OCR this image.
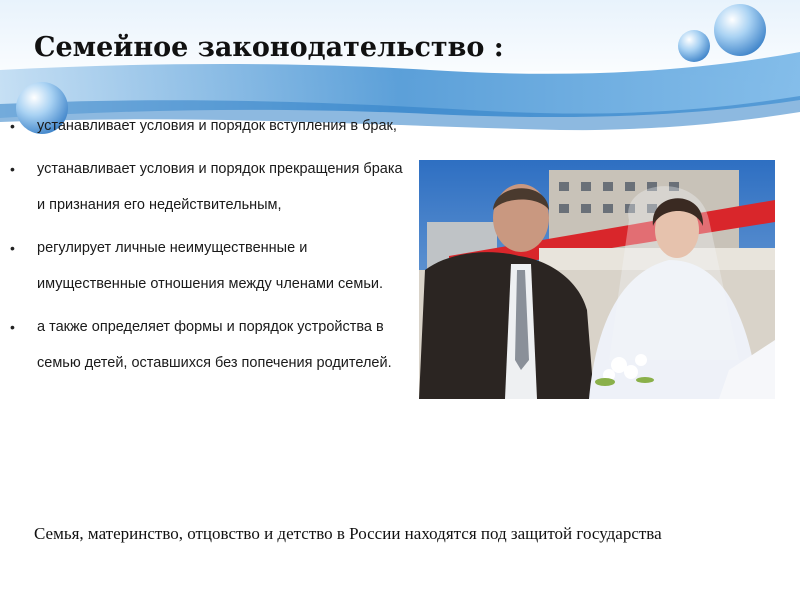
Семейное законодательство :
• устанавливает условия и порядок вступления в брак,
• устанавливает условия и порядок прекращения брака и признания его недействительным,
• регулирует личные неимущественные и имущественные отношения между членами семьи.
• а также определяет формы и порядок устройства в семью детей, оставшихся без попечения родителей.

Семья, материнство, отцовство и детство в России находятся под защитой государства
